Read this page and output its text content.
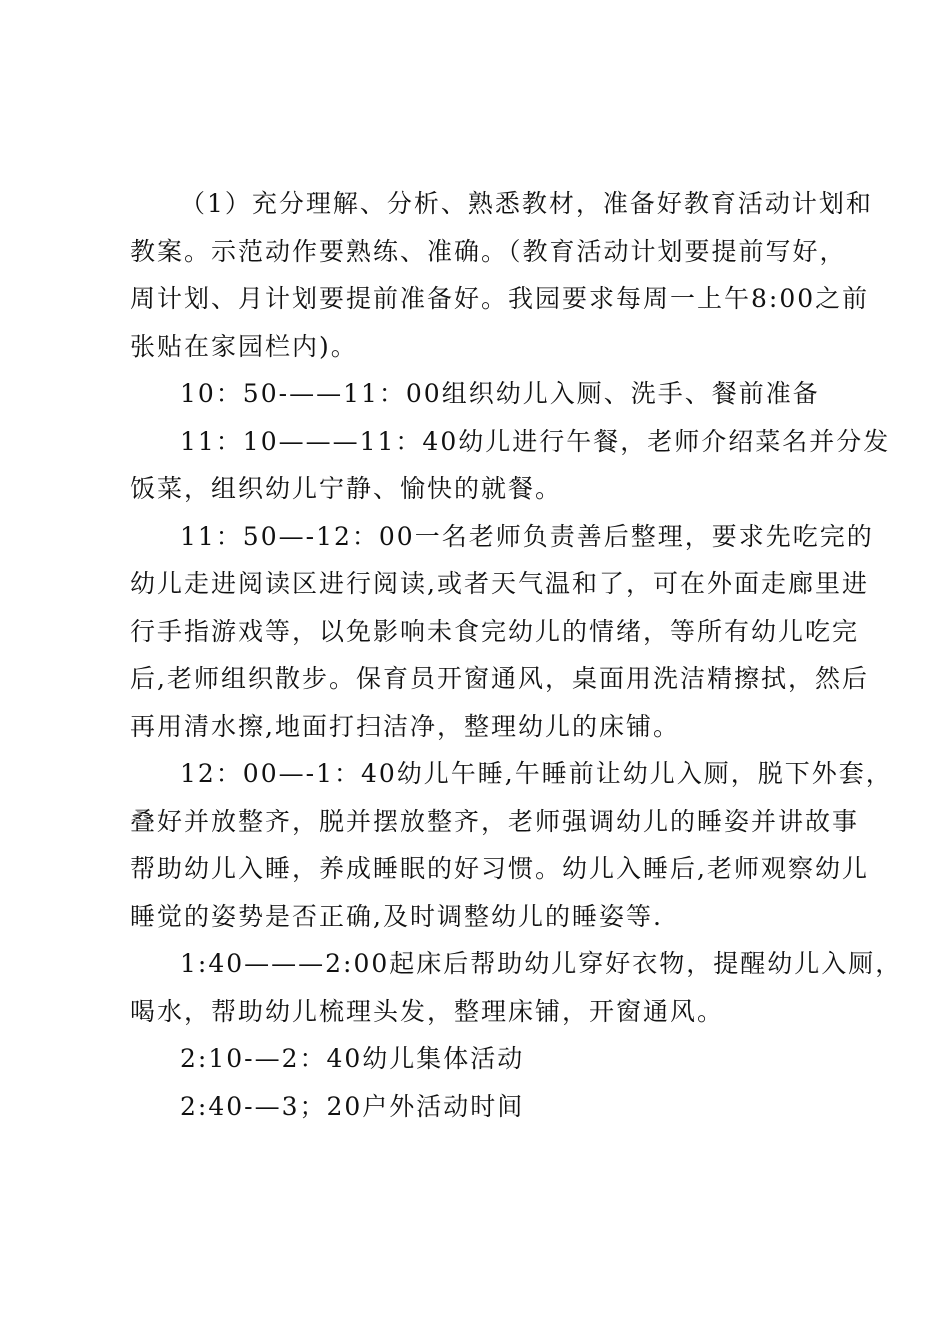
（1）充分理解、分析、熟悉教材，准备好教育活动计划和
教案。示范动作要熟练、准确。（教育活动计划要提前写好，
周计划、月计划要提前准备好。我园要求每周一上午8:00之前
张贴在家园栏内)。

10：50-——11：00组织幼儿入厕、洗手、餐前准备

11：10———11：40幼儿进行午餐，老师介绍菜名并分发
饭菜，组织幼儿宁静、愉快的就餐。

11：50—-12：00一名老师负责善后整理，要求先吃完的
幼儿走进阅读区进行阅读,或者天气温和了，可在外面走廊里进
行手指游戏等，以免影响未食完幼儿的情绪，等所有幼儿吃完
后,老师组织散步。保育员开窗通风，桌面用洗洁精擦拭，然后
再用清水擦,地面打扫洁净，整理幼儿的床铺。

12：00—-1：40幼儿午睡,午睡前让幼儿入厕，脱下外套，
叠好并放整齐，脱并摆放整齐，老师强调幼儿的睡姿并讲故事
帮助幼儿入睡，养成睡眠的好习惯。幼儿入睡后,老师观察幼儿
睡觉的姿势是否正确,及时调整幼儿的睡姿等.

1:40———2:00起床后帮助幼儿穿好衣物，提醒幼儿入厕，
喝水，帮助幼儿梳理头发，整理床铺，开窗通风。

2:10-—2：40幼儿集体活动

2:40-—3；20户外活动时间
